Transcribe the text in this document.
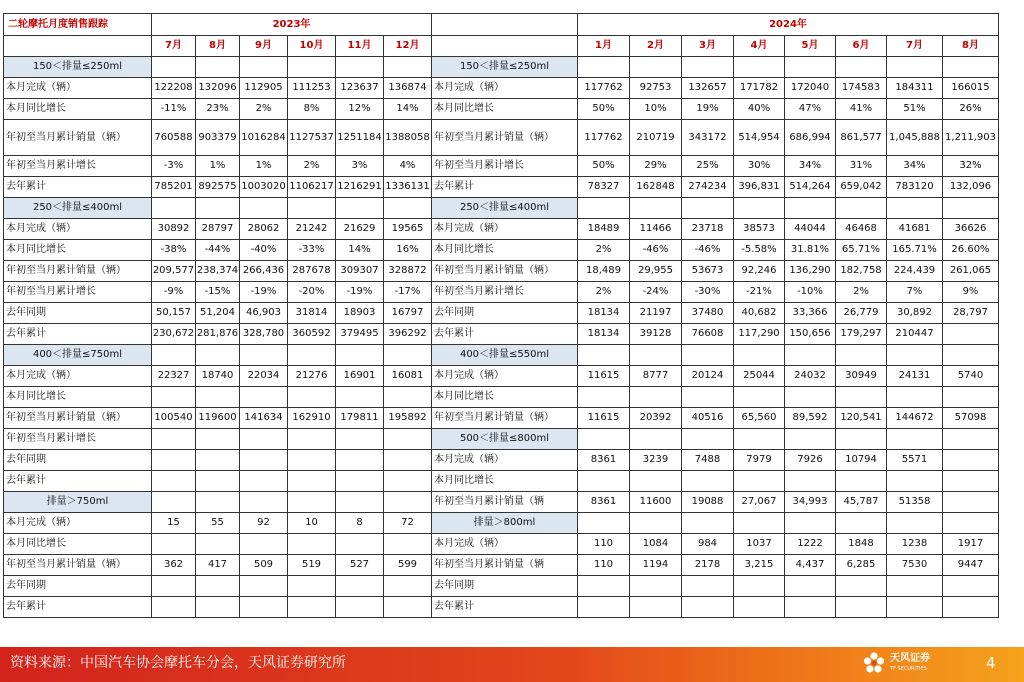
二轮摩托月度销售跟踪	2023年							2024年							
	7月	8月	9月	10月	11月	12月		1月	2月	3月	4月	5月	6月	7月	8月
150＜排量≤250ml							150＜排量≤250ml								
本月完成（辆）	122208	132096	112905	111253	123637	136874	本月完成（辆）	117762	92753	132657	171782	172040	174583	184311	166015
本月同比增长	-11%	23%	2%	8%	12%	14%	本月同比增长	50%	10%	19%	40%	47%	41%	51%	26%
年初至当月累计销量（辆）	760588	903379	1016284	1127537	1251184	1388058	年初至当月累计销量（辆）	117762	210719	343172	514,954	686,994	861,577	1,045,888	1,211,903
年初至当月累计增长	-3%	1%	1%	2%	3%	4%	年初至当月累计增长	50%	29%	25%	30%	34%	31%	34%	32%
去年累计	785201	892575	1003020	1106217	1216291	1336131	去年累计	78327	162848	274234	396,831	514,264	659,042	783120	132,096
250＜排量≤400ml							250＜排量≤400ml								
本月完成（辆）	30892	28797	28062	21242	21629	19565	本月完成（辆）	18489	11466	23718	38573	44044	46468	41681	36626
本月同比增长	-38%	-44%	-40%	-33%	14%	16%	本月同比增长	2%	-46%	-46%	-5.58%	31.81%	65.71%	165.71%	26.60%
年初至当月累计销量（辆）	209,577	238,374	266,436	287678	309307	328872	年初至当月累计销量（辆）	18,489	29,955	53673	92,246	136,290	182,758	224,439	261,065
年初至当月累计增长	-9%	-15%	-19%	-20%	-19%	-17%	年初至当月累计增长	2%	-24%	-30%	-21%	-10%	2%	7%	9%
去年同期	50,157	51,204	46,903	31814	18903	16797	去年同期	18134	21197	37480	40,682	33,366	26,779	30,892	28,797
去年累计	230,672	281,876	328,780	360592	379495	396292	去年累计	18134	39128	76608	117,290	150,656	179,297	210447	
400＜排量≤750ml							400＜排量≤550ml								
本月完成（辆）	22327	18740	22034	21276	16901	16081	本月完成（辆）	11615	8777	20124	25044	24032	30949	24131	5740
本月同比增长							本月同比增长								
年初至当月累计销量（辆）	100540	119600	141634	162910	179811	195892	年初至当月累计销量（辆）	11615	20392	40516	65,560	89,592	120,541	144672	57098
年初至当月累计增长							500＜排量≤800ml								
去年同期							本月完成（辆）	8361	3239	7488	7979	7926	10794	5571	
去年累计							本月同比增长								
排量＞750ml							年初至当月累计销量（辆	8361	11600	19088	27,067	34,993	45,787	51358	
本月完成（辆）	15	55	92	10	8	72	排量＞800ml								
本月同比增长							本月完成（辆）	110	1084	984	1037	1222	1848	1238	1917
年初至当月累计销量（辆）	362	417	509	519	527	599	年初至当月累计销量（辆	110	1194	2178	3,215	4,437	6,285	7530	9447
去年同期							去年同期								
去年累计							去年累计								
资料来源：中国汽车协会摩托车分会，天风证券研究所	天风证券
TF SECURITIES	4
